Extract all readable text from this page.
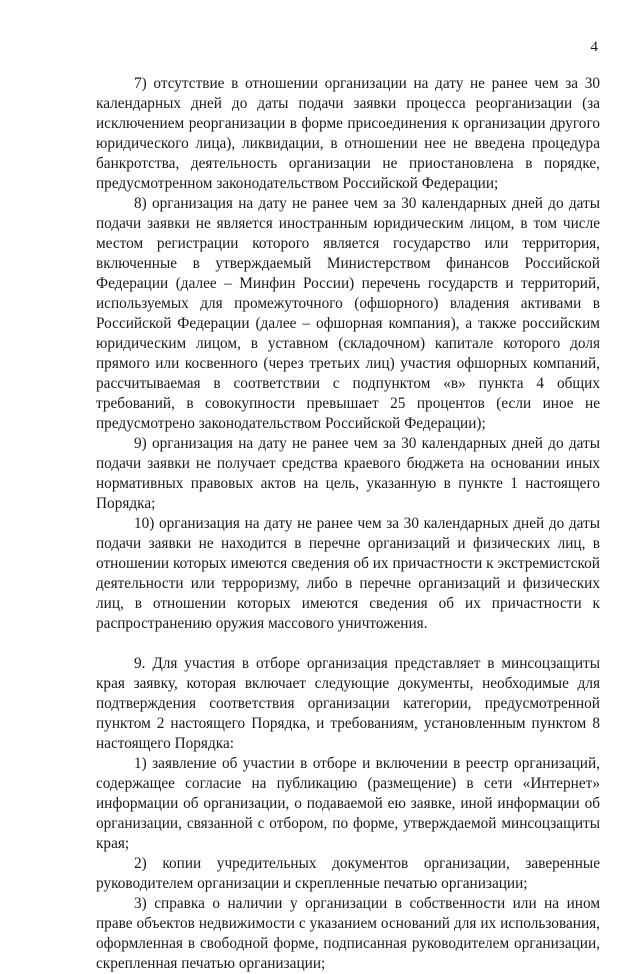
4

7) отсутствие в отношении организации на дату не ранее чем за 30 календарных дней до даты подачи заявки процесса реорганизации (за исключением реорганизации в форме присоединения к организации другого юридического лица), ликвидации, в отношении нее не введена процедура банкротства, деятельность организации не приостановлена в порядке, предусмотренном законодательством Российской Федерации;

8) организация на дату не ранее чем за 30 календарных дней до даты подачи заявки не является иностранным юридическим лицом, в том числе местом регистрации которого является государство или территория, включенные в утверждаемый Министерством финансов Российской Федерации (далее – Минфин России) перечень государств и территорий, используемых для промежуточного (офшорного) владения активами в Российской Федерации (далее – офшорная компания), а также российским юридическим лицом, в уставном (складочном) капитале которого доля прямого или косвенного (через третьих лиц) участия офшорных компаний, рассчитываемая в соответствии с подпунктом «в» пункта 4 общих требований, в совокупности превышает 25 процентов (если иное не предусмотрено законодательством Российской Федерации);

9) организация на дату не ранее чем за 30 календарных дней до даты подачи заявки не получает средства краевого бюджета на основании иных нормативных правовых актов на цель, указанную в пункте 1 настоящего Порядка;

10) организация на дату не ранее чем за 30 календарных дней до даты подачи заявки не находится в перечне организаций и физических лиц, в отношении которых имеются сведения об их причастности к экстремистской деятельности или терроризму, либо в перечне организаций и физических лиц, в отношении которых имеются сведения об их причастности к распространению оружия массового уничтожения.

9. Для участия в отборе организация представляет в минсоцзащиты края заявку, которая включает следующие документы, необходимые для подтверждения соответствия организации категории, предусмотренной пунктом 2 настоящего Порядка, и требованиям, установленным пунктом 8 настоящего Порядка:

1) заявление об участии в отборе и включении в реестр организаций, содержащее согласие на публикацию (размещение) в сети «Интернет» информации об организации, о подаваемой ею заявке, иной информации об организации, связанной с отбором, по форме, утверждаемой минсоцзащиты края;

2) копии учредительных документов организации, заверенные руководителем организации и скрепленные печатью организации;

3) справка о наличии у организации в собственности или на ином праве объектов недвижимости с указанием оснований для их использования, оформленная в свободной форме, подписанная руководителем организации, скрепленная печатью организации;
